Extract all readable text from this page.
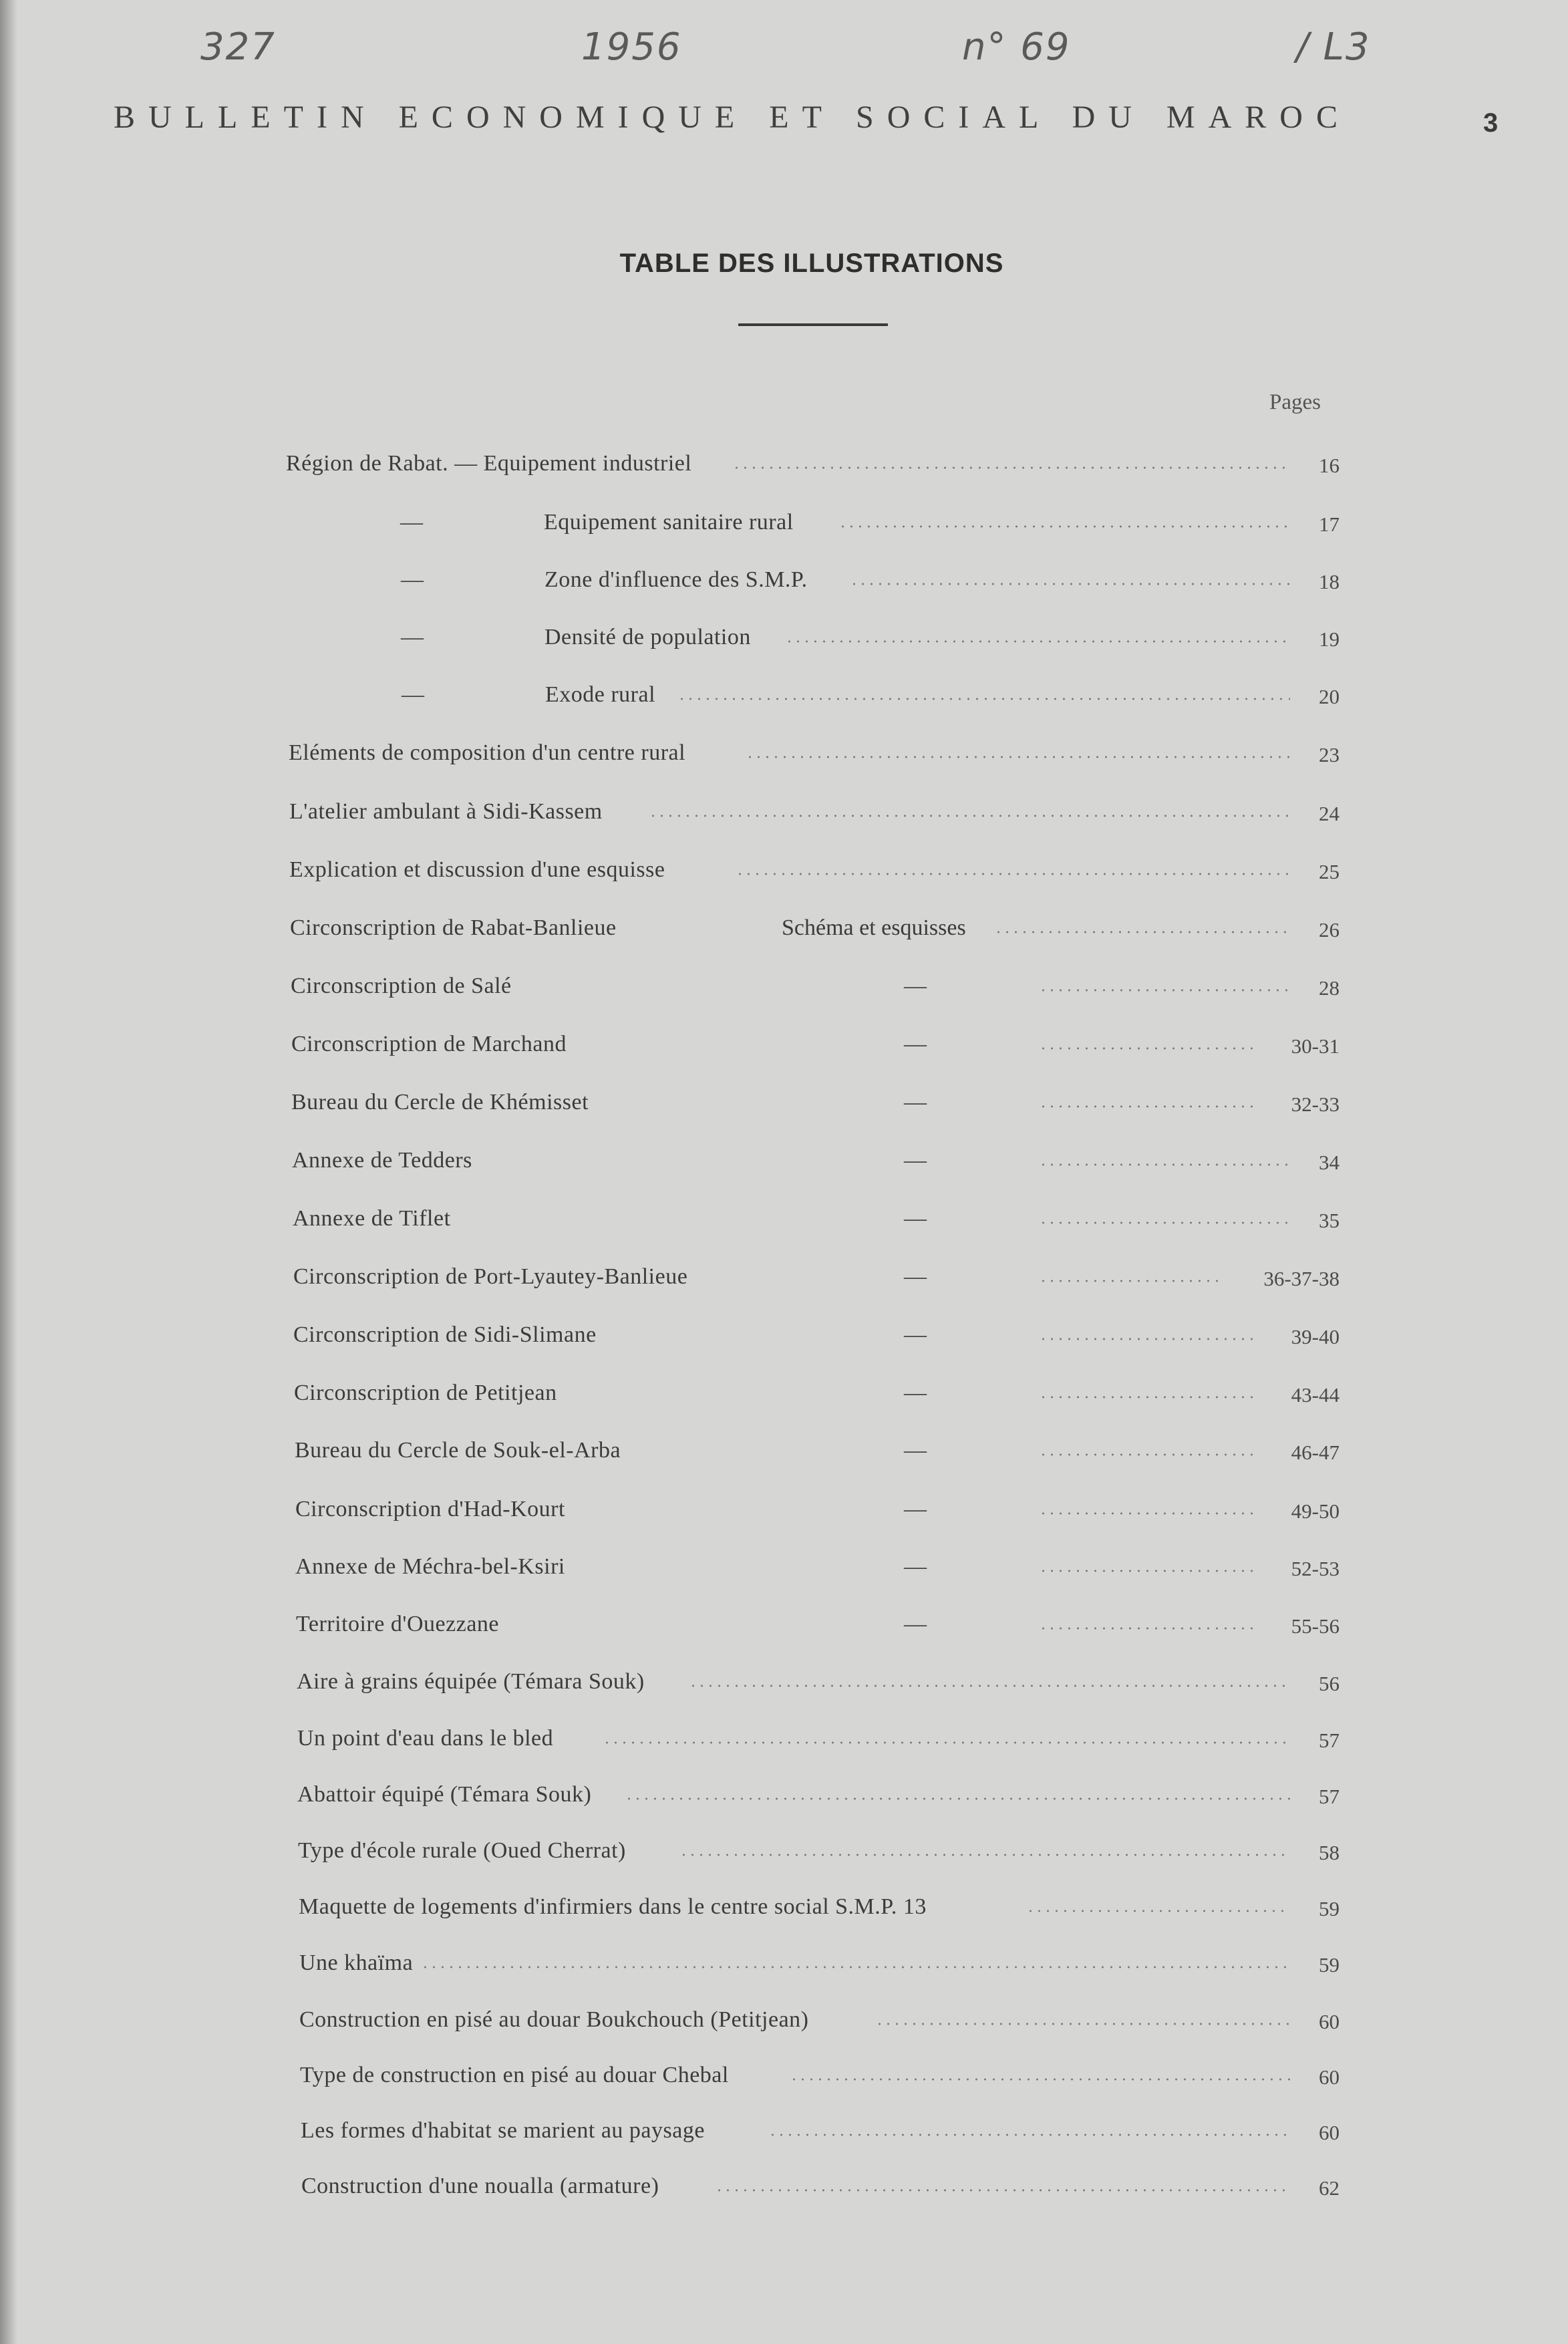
327	1956	n° 69	/ L3
BULLETIN ECONOMIQUE ET SOCIAL DU MAROC	3
TABLE DES ILLUSTRATIONS
Pages
Région de Rabat. — Equipement industriel	16
—	Equipement sanitaire rural	17
—	Zone d'influence des S.M.P.	18
—	Densité de population	19
—	Exode rural	20
Eléments de composition d'un centre rural	23
L'atelier ambulant à Sidi-Kassem	24
Explication et discussion d'une esquisse	25
Circonscription de Rabat-Banlieue	Schéma et esquisses	26
Circonscription de Salé	—	28
Circonscription de Marchand	—	30-31
Bureau du Cercle de Khémisset	—	32-33
Annexe de Tedders	—	34
Annexe de Tiflet	—	35
Circonscription de Port-Lyautey-Banlieue	—	36-37-38
Circonscription de Sidi-Slimane	—	39-40
Circonscription de Petitjean	—	43-44
Bureau du Cercle de Souk-el-Arba	—	46-47
Circonscription d'Had-Kourt	—	49-50
Annexe de Méchra-bel-Ksiri	—	52-53
Territoire d'Ouezzane	—	55-56
Aire à grains équipée (Témara Souk)	56
Un point d'eau dans le bled	57
Abattoir équipé (Témara Souk)	57
Type d'école rurale (Oued Cherrat)	58
Maquette de logements d'infirmiers dans le centre social S.M.P. 13	59
Une khaïma	59
Construction en pisé au douar Boukchouch (Petitjean)	60
Type de construction en pisé au douar Chebal	60
Les formes d'habitat se marient au paysage	60
Construction d'une noualla (armature)	62
